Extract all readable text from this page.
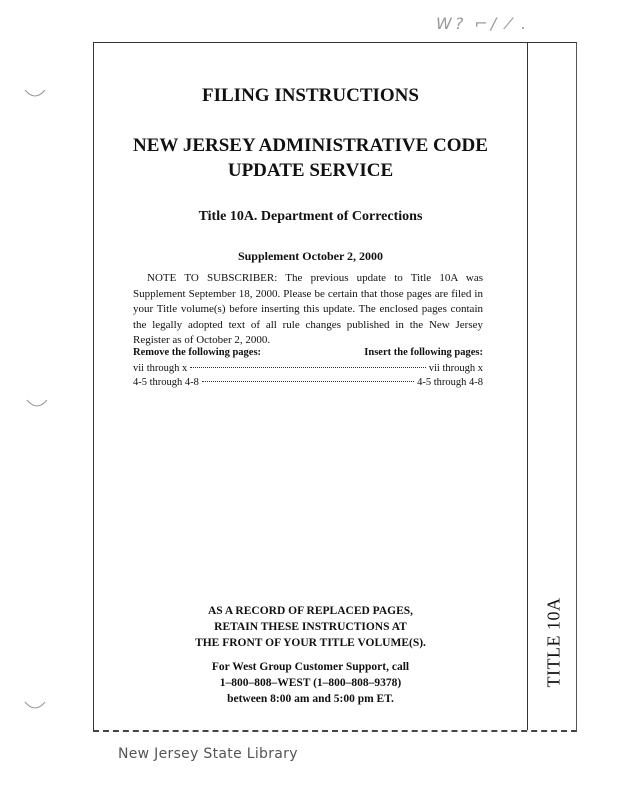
W? ⌐/ ⁄ .
FILING INSTRUCTIONS
NEW JERSEY ADMINISTRATIVE CODE
UPDATE SERVICE
Title 10A. Department of Corrections
Supplement October 2, 2000
NOTE TO SUBSCRIBER: The previous update to Title 10A was Supplement September 18, 2000. Please be certain that those pages are filed in your Title volume(s) before inserting this update. The enclosed pages contain the legally adopted text of all rule changes published in the New Jersey Register as of October 2, 2000.
Remove the following pages:	Insert the following pages:
vii through x	vii through x
4-5 through 4-8	4-5 through 4-8
AS A RECORD OF REPLACED PAGES,
RETAIN THESE INSTRUCTIONS AT
THE FRONT OF YOUR TITLE VOLUME(S).
For West Group Customer Support, call
1–800–808–WEST (1–800–808–9378)
between 8:00 am and 5:00 pm ET.
TITLE 10A
New Jersey State Library
